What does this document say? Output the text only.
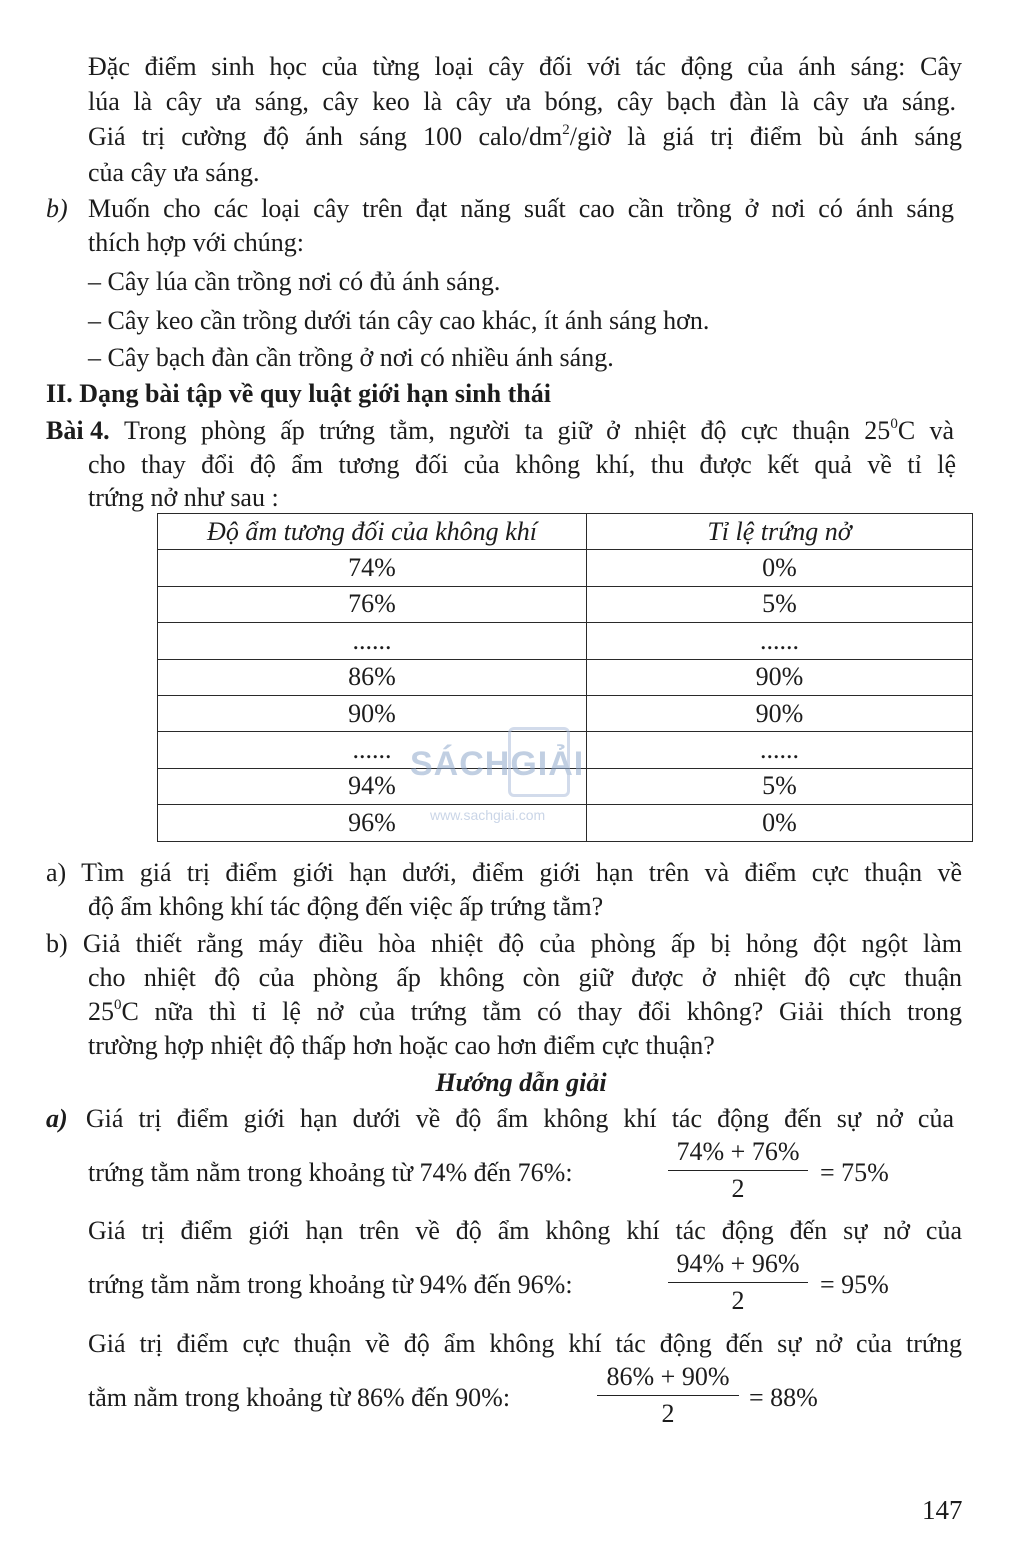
Đặc điểm sinh học của từng loại cây đối với tác động của ánh sáng: Cây
lúa là cây ưa sáng, cây keo là cây ưa bóng, cây bạch đàn là cây ưa sáng.
Giá trị cường độ ánh sáng 100 calo/$dm^2$/giờ là giá trị điểm bù ánh sáng
của cây ưa sáng.
b) Muốn cho các loại cây trên đạt năng suất cao cần trồng ở nơi có ánh sáng
thích hợp với chúng:
– Cây lúa cần trồng nơi có đủ ánh sáng.
– Cây keo cần trồng dưới tán cây cao khác, ít ánh sáng hơn.
– Cây bạch đàn cần trồng ở nơi có nhiều ánh sáng.
II. Dạng bài tập về quy luật giới hạn sinh thái
Bài 4. Trong phòng ấp trứng tằm, người ta giữ ở nhiệt độ cực thuận $25^0C$ và
cho thay đổi độ ẩm tương đối của không khí, thu được kết quả về tỉ lệ
trứng nở như sau :
Độ ẩm tương đối của không khí	Tỉ lệ trứng nở
74%	0%
76%	5%
......	......
86%	90%
90%	90%
......	......
94%	5%
96%	0%
SÁCHGIẢI
www.sachgiai.com
a) Tìm giá trị điểm giới hạn dưới, điểm giới hạn trên và điểm cực thuận về
độ ẩm không khí tác động đến việc ấp trứng tằm?
b) Giả thiết rằng máy điều hòa nhiệt độ của phòng ấp bị hỏng đột ngột làm
cho nhiệt độ của phòng ấp không còn giữ được ở nhiệt độ cực thuận
$25^0C$ nữa thì tỉ lệ nở của trứng tằm có thay đổi không? Giải thích trong
trường hợp nhiệt độ thấp hơn hoặc cao hơn điểm cực thuận?
Hướng dẫn giải
a) Giá trị điểm giới hạn dưới về độ ẩm không khí tác động đến sự nở của
trứng tằm nằm trong khoảng từ 74% đến 76%:
74% + 76%
2
= 75%
Giá trị điểm giới hạn trên về độ ẩm không khí tác động đến sự nở của
trứng tằm nằm trong khoảng từ 94% đến 96%:
94% + 96%
2
= 95%
Giá trị điểm cực thuận về độ ẩm không khí tác động đến sự nở của trứng
tằm nằm trong khoảng từ 86% đến 90%:
86% + 90%
2
= 88%
147
